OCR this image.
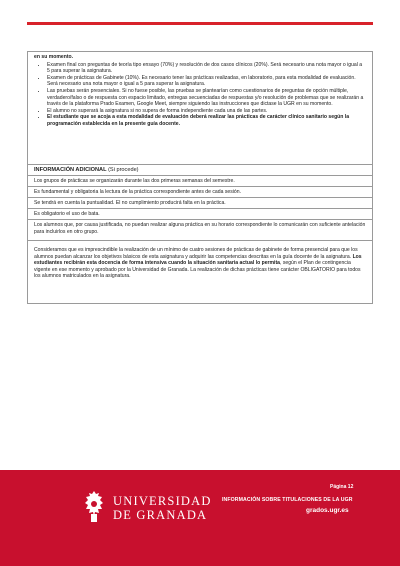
en su momento.

• Examen final con preguntas de teoría tipo ensayo (70%) y resolución de dos casos clínicos (20%). Será necesario una nota mayor o igual a 5 para superar la asignatura.
• Examen de prácticas de Gabinete (10%). Es necesario tener las prácticas realizadas, en laboratorio, para esta modalidad de evaluación. Será necesario una nota mayor o igual a 5 para superar la asignatura.
• Las pruebas serán presenciales. Si no fuese posible, las pruebas se plantearían como cuestionarios de preguntas de opción múltiple, verdadero/falso o de respuesta con espacio limitado, entregas secuenciadas de respuestas y/o resolución de problemas que se realizarán a través de la plataforma Prado Examen, Google Meet, siempre siguiendo las instrucciones que dictase la UGR en su momento.
• El alumno no superará la asignatura si no supera de forma independiente cada una de las partes.
• El estudiante que se acoja a esta modalidad de evaluación deberá realizar las prácticas de carácter clínico sanitario según la programación establecida en la presente guía docente.
INFORMACIÓN ADICIONAL (Si procede)
Los grupos de prácticas se organizarán durante las dos primeras semanas del semestre.
Es fundamental y obligatoria la lectura de la práctica correspondiente antes de cada sesión.
Se tendrá en cuenta la puntualidad. El no cumplimiento producirá falta en la práctica.
Es obligatorio el uso de bata.
Los alumnos que, por causa justificada, no puedan realizar alguna práctica en su horario correspondiente lo comunicarán con suficiente antelación para incluirlos en otro grupo.
Consideramos que es imprescindible la realización de un mínimo de cuatro sesiones de prácticas de gabinete de forma presencial para que los alumnos puedan alcanzar los objetivos básicos de esta asignatura y adquirir las competencias descritas en la guía docente de la asignatura. Los estudiantes recibirán esta docencia de forma intensiva cuando la situación sanitaria actual lo permita, según el Plan de contingencia vigente en ese momento y aprobado por la Universidad de Granada. La realización de dichas prácticas tiene carácter OBLIGATORIO para todos los alumnos matriculados en la asignatura.
UNIVERSIDAD
DE GRANADA
Página 12
INFORMACIÓN SOBRE TITULACIONES DE LA UGR
grados.ugr.es
